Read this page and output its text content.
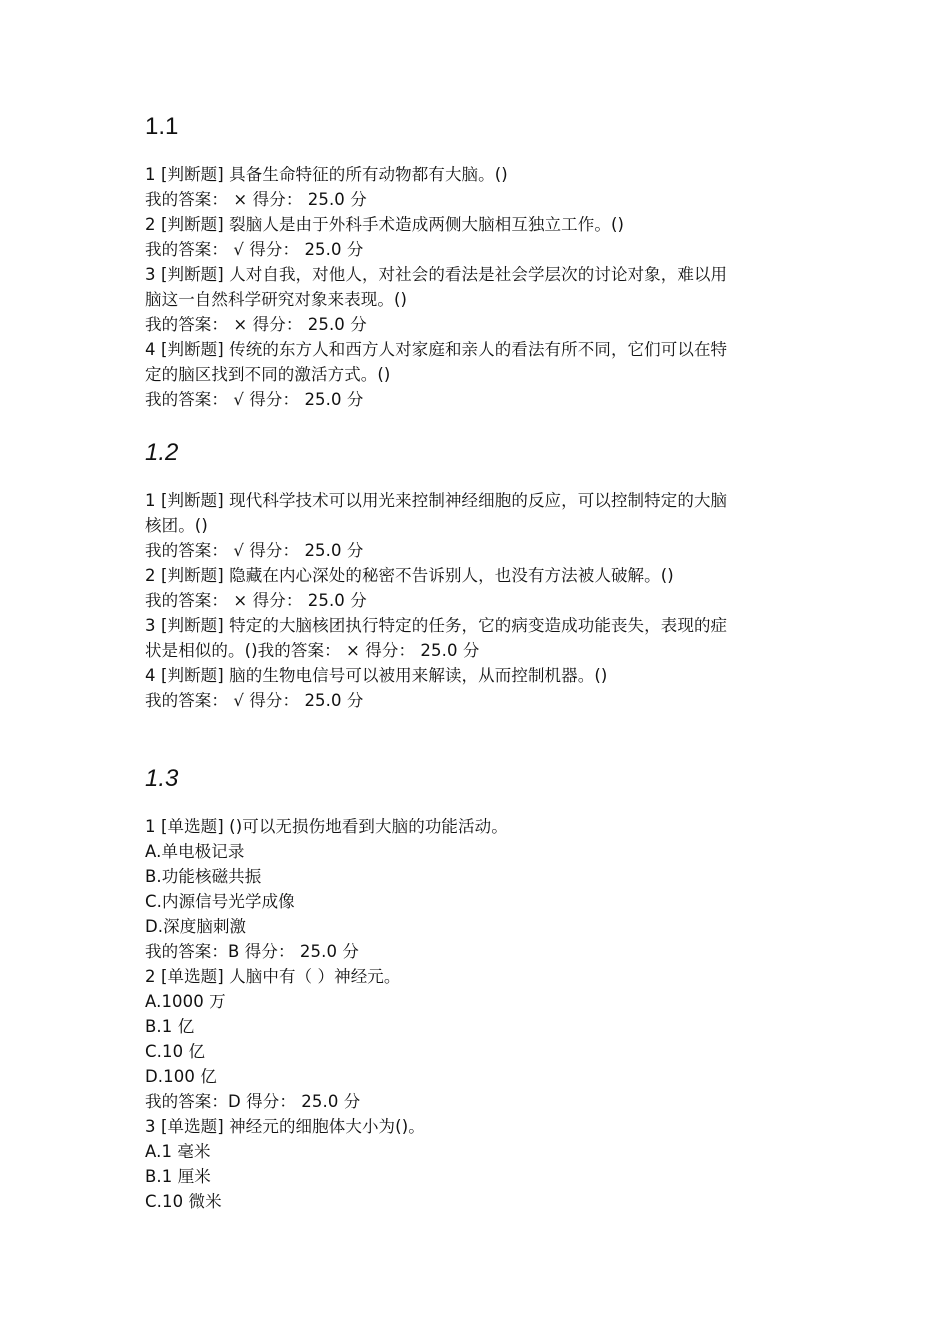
1.1
1 [判断题] 具备生命特征的所有动物都有大脑。()
我的答案： × 得分： 25.0 分
2 [判断题] 裂脑人是由于外科手术造成两侧大脑相互独立工作。()
我的答案： √ 得分： 25.0 分
3 [判断题] 人对自我，对他人，对社会的看法是社会学层次的讨论对象，难以用
脑这一自然科学研究对象来表现。()
我的答案： × 得分： 25.0 分
4 [判断题] 传统的东方人和西方人对家庭和亲人的看法有所不同，它们可以在特
定的脑区找到不同的激活方式。()
我的答案： √ 得分： 25.0 分
1.2
1 [判断题] 现代科学技术可以用光来控制神经细胞的反应，可以控制特定的大脑
核团。()
我的答案： √ 得分： 25.0 分
2 [判断题] 隐藏在内心深处的秘密不告诉别人，也没有方法被人破解。()
我的答案： × 得分： 25.0 分
3 [判断题] 特定的大脑核团执行特定的任务，它的病变造成功能丧失，表现的症
状是相似的。()我的答案： × 得分： 25.0 分
4 [判断题] 脑的生物电信号可以被用来解读，从而控制机器。()
我的答案： √ 得分： 25.0 分
1.3
1 [单选题] ()可以无损伤地看到大脑的功能活动。
A.单电极记录
B.功能核磁共振
C.内源信号光学成像
D.深度脑刺激
我的答案：B 得分： 25.0 分
2 [单选题] 人脑中有（ ）神经元。
A.1000 万
B.1 亿
C.10 亿
D.100 亿
我的答案：D 得分： 25.0 分
3 [单选题] 神经元的细胞体大小为()。
A.1 毫米
B.1 厘米
C.10 微米
